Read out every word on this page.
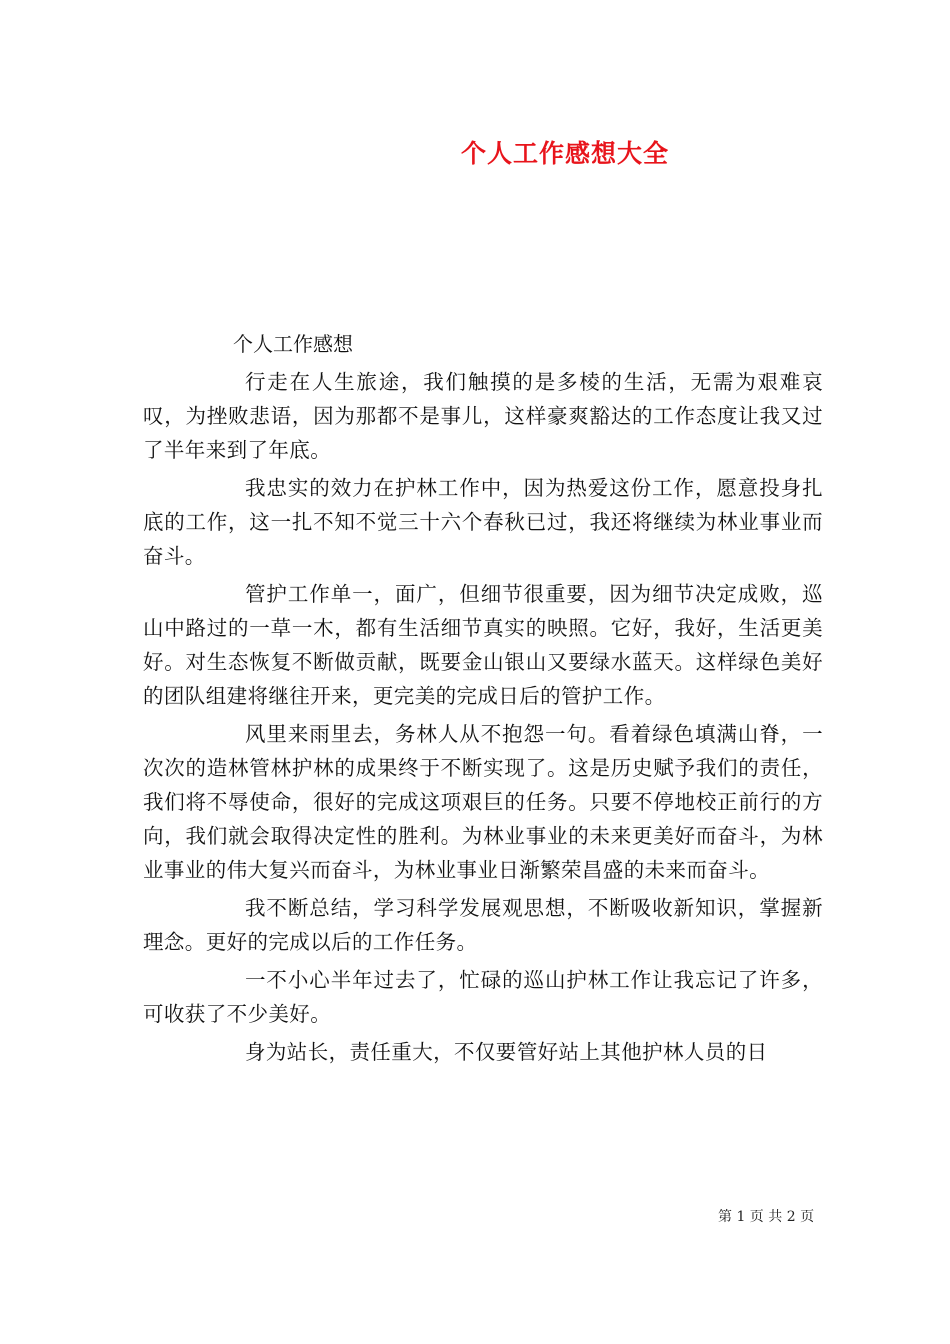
个人工作感想大全
个人工作感想

行走在人生旅途，我们触摸的是多棱的生活，无需为艰难哀叹，为挫败悲语，因为那都不是事儿，这样豪爽豁达的工作态度让我又过了半年来到了年底。

我忠实的效力在护林工作中，因为热爱这份工作，愿意投身扎底的工作，这一扎不知不觉三十六个春秋已过，我还将继续为林业事业而奋斗。

管护工作单一，面广，但细节很重要，因为细节决定成败，巡山中路过的一草一木，都有生活细节真实的映照。它好，我好，生活更美好。对生态恢复不断做贡献，既要金山银山又要绿水蓝天。这样绿色美好的团队组建将继往开来，更完美的完成日后的管护工作。

风里来雨里去，务林人从不抱怨一句。看着绿色填满山脊，一次次的造林管林护林的成果终于不断实现了。这是历史赋予我们的责任，我们将不辱使命，很好的完成这项艰巨的任务。只要不停地校正前行的方向，我们就会取得决定性的胜利。为林业事业的未来更美好而奋斗，为林业事业的伟大复兴而奋斗，为林业事业日渐繁荣昌盛的未来而奋斗。

我不断总结，学习科学发展观思想，不断吸收新知识，掌握新理念。更好的完成以后的工作任务。

一不小心半年过去了，忙碌的巡山护林工作让我忘记了许多，可收获了不少美好。

身为站长，责任重大，不仅要管好站上其他护林人员的日

第 1 页 共 2 页
